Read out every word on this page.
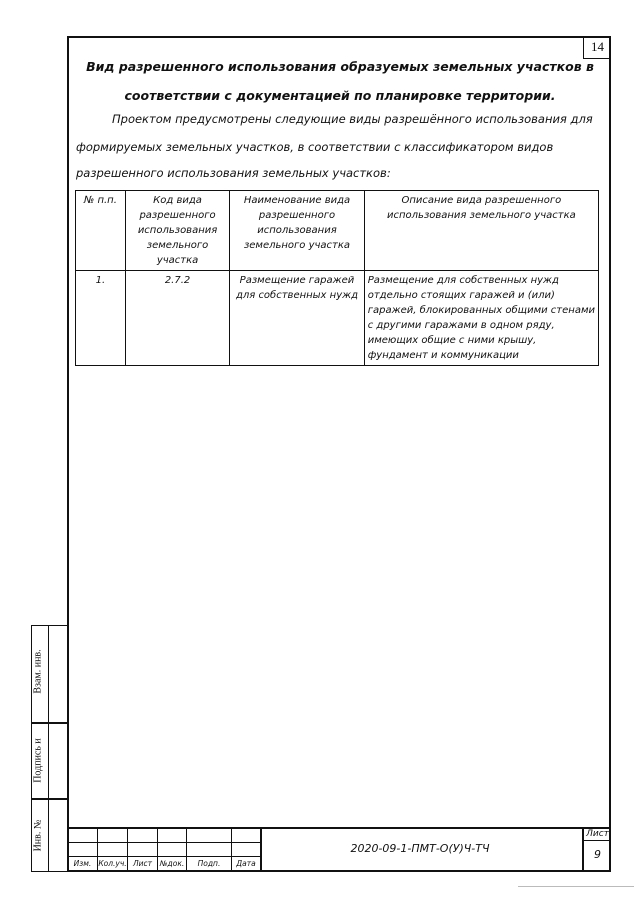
14
Вид разрешенного использования образуемых земельных участков в
соответствии с документацией по планировке территории.
Проектом предусмотрены следующие виды разрешённого использования для
формируемых земельных участков, в соответствии с классификатором видов
разрешенного использования земельных участков:
№ п.п.	Код вида разрешенного использования земельного участка	Наименование вида разрешенного использования земельного участка	Описание вида разрешенного использования земельного участка
1.	2.7.2	Размещение гаражей для собственных нужд	Размещение для собственных нужд отдельно стоящих гаражей и (или) гаражей, блокированных общими стенами с другими гаражами в одном ряду, имеющих общие с ними крышу, фундамент и коммуникации
Взам. инв.
Подпись и
Инв. №
Изм. Кол.уч. Лист	№док.	Подп.	Дата
2020-09-1-ПМТ-О(У)Ч-ТЧ
Лист
9
